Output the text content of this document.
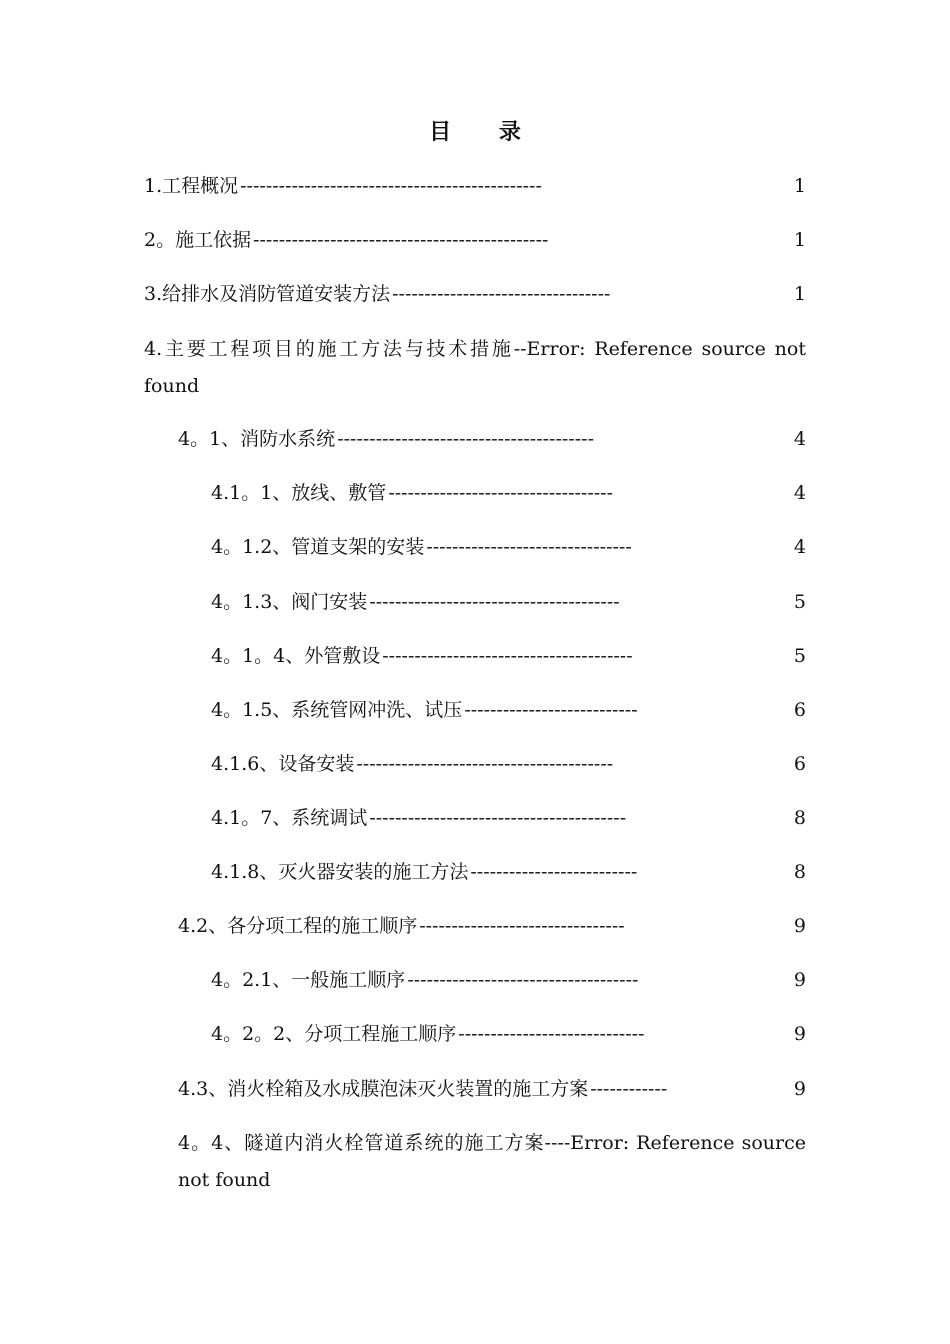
目 录
1.工程概况 -----------------------------------------------	1
2。施工依据 ----------------------------------------------	1
3.给排水及消防管道安装方法 ----------------------------------	1
4.主要工程项目的施工方法与技术措施--Error: Reference source not found
4。1、消防水系统 ----------------------------------------	4
4.1。1、放线、敷管 -----------------------------------	4
4。1.2、管道支架的安装 --------------------------------	4
4。1.3、阀门安装 ---------------------------------------	5
4。1。4、外管敷设 ---------------------------------------	5
4。1.5、系统管网冲洗、试压 ---------------------------	6
4.1.6、设备安装 ----------------------------------------	6
4.1。7、系统调试 ----------------------------------------	8
4.1.8、灭火器安装的施工方法 --------------------------	8
4.2、各分项工程的施工顺序 --------------------------------	9
4。2.1、一般施工顺序 ------------------------------------	9
4。2。2、分项工程施工顺序 -----------------------------	9
4.3、消火栓箱及水成膜泡沫灭火装置的施工方案 ------------	9
4。4、隧道内消火栓管道系统的施工方案----Error: Reference source not found
